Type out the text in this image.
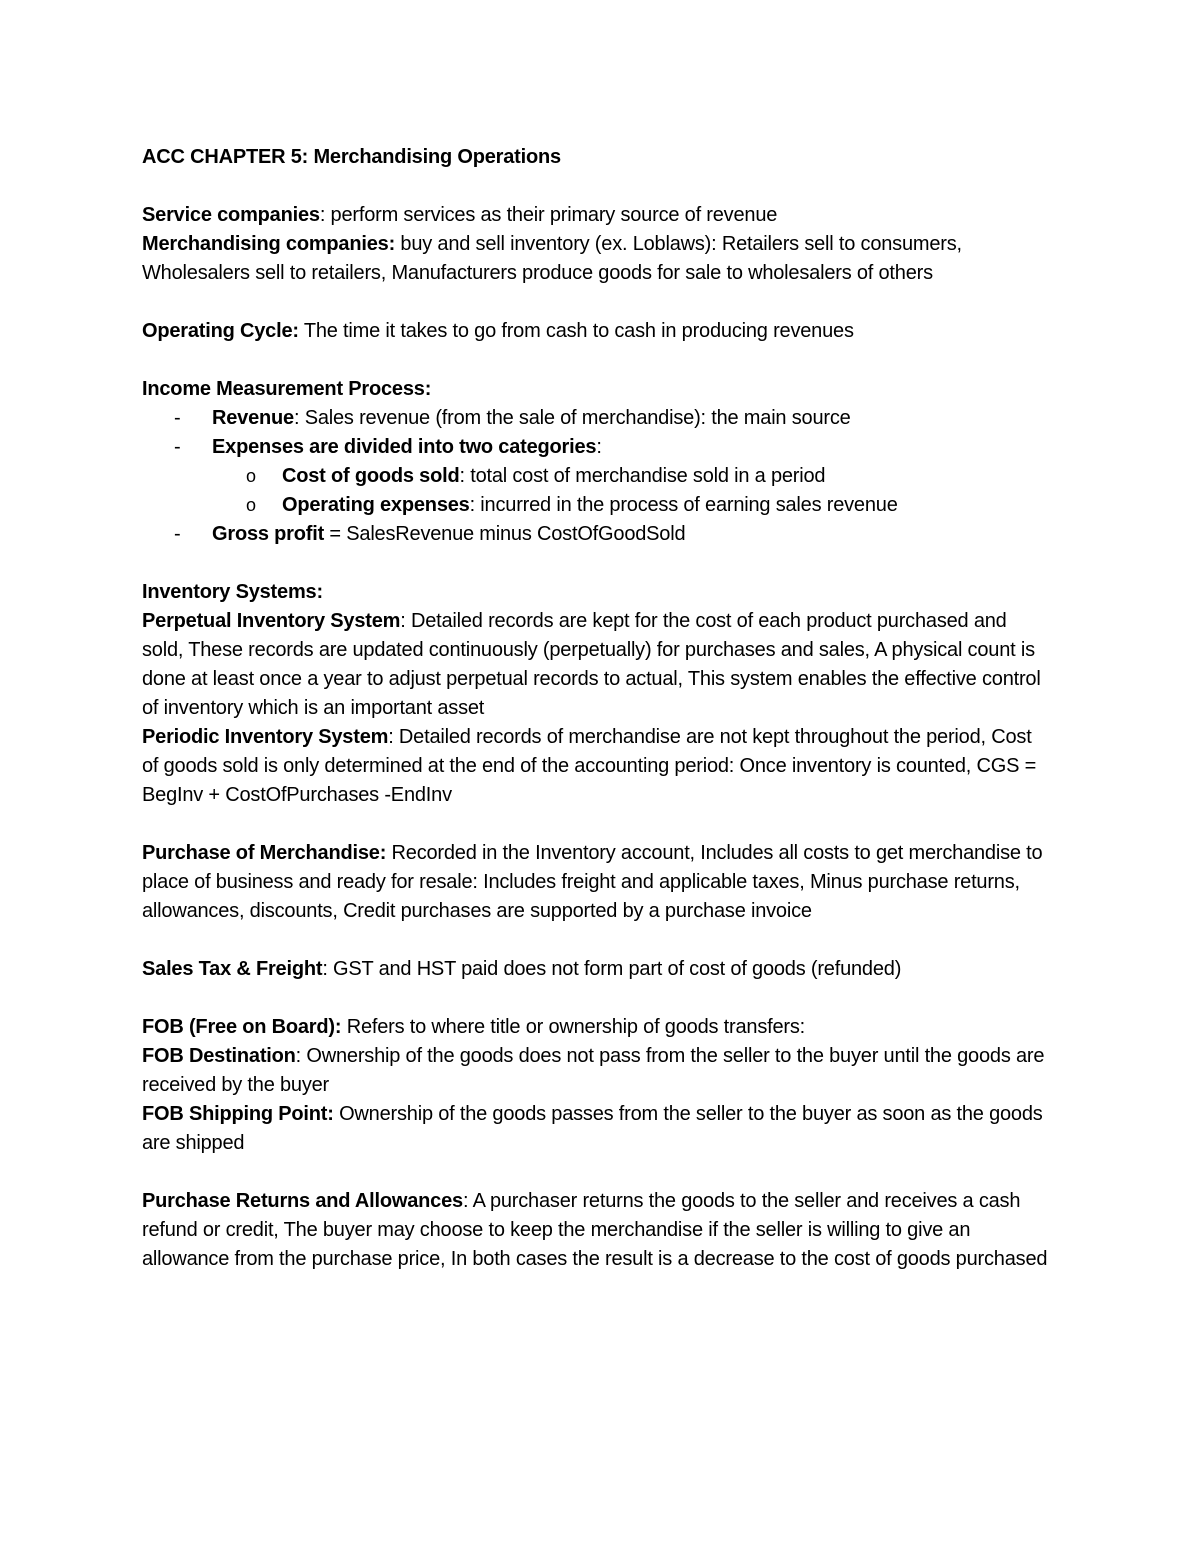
ACC CHAPTER 5: Merchandising Operations

Service companies: perform services as their primary source of revenue

Merchandising companies: buy and sell inventory (ex. Loblaws): Retailers sell to consumers, Wholesalers sell to retailers, Manufacturers produce goods for sale to wholesalers of others

Operating Cycle: The time it takes to go from cash to cash in producing revenues

Income Measurement Process:

- Revenue: Sales revenue (from the sale of merchandise): the main source

- Expenses are divided into two categories:

o Cost of goods sold: total cost of merchandise sold in a period

o Operating expenses: incurred in the process of earning sales revenue

- Gross profit = SalesRevenue minus CostOfGoodSold

Inventory Systems:

Perpetual Inventory System: Detailed records are kept for the cost of each product purchased and sold, These records are updated continuously (perpetually) for purchases and sales, A physical count is done at least once a year to adjust perpetual records to actual, This system enables the effective control of inventory which is an important asset

Periodic Inventory System: Detailed records of merchandise are not kept throughout the period, Cost of goods sold is only determined at the end of the accounting period: Once inventory is counted, CGS = BegInv + CostOfPurchases -EndInv

Purchase of Merchandise: Recorded in the Inventory account, Includes all costs to get merchandise to place of business and ready for resale: Includes freight and applicable taxes, Minus purchase returns, allowances, discounts, Credit purchases are supported by a purchase invoice

Sales Tax & Freight: GST and HST paid does not form part of cost of goods (refunded)

FOB (Free on Board): Refers to where title or ownership of goods transfers:

FOB Destination: Ownership of the goods does not pass from the seller to the buyer until the goods are received by the buyer

FOB Shipping Point: Ownership of the goods passes from the seller to the buyer as soon as the goods are shipped

Purchase Returns and Allowances: A purchaser returns the goods to the seller and receives a cash refund or credit, The buyer may choose to keep the merchandise if the seller is willing to give an allowance from the purchase price, In both cases the result is a decrease to the cost of goods purchased
